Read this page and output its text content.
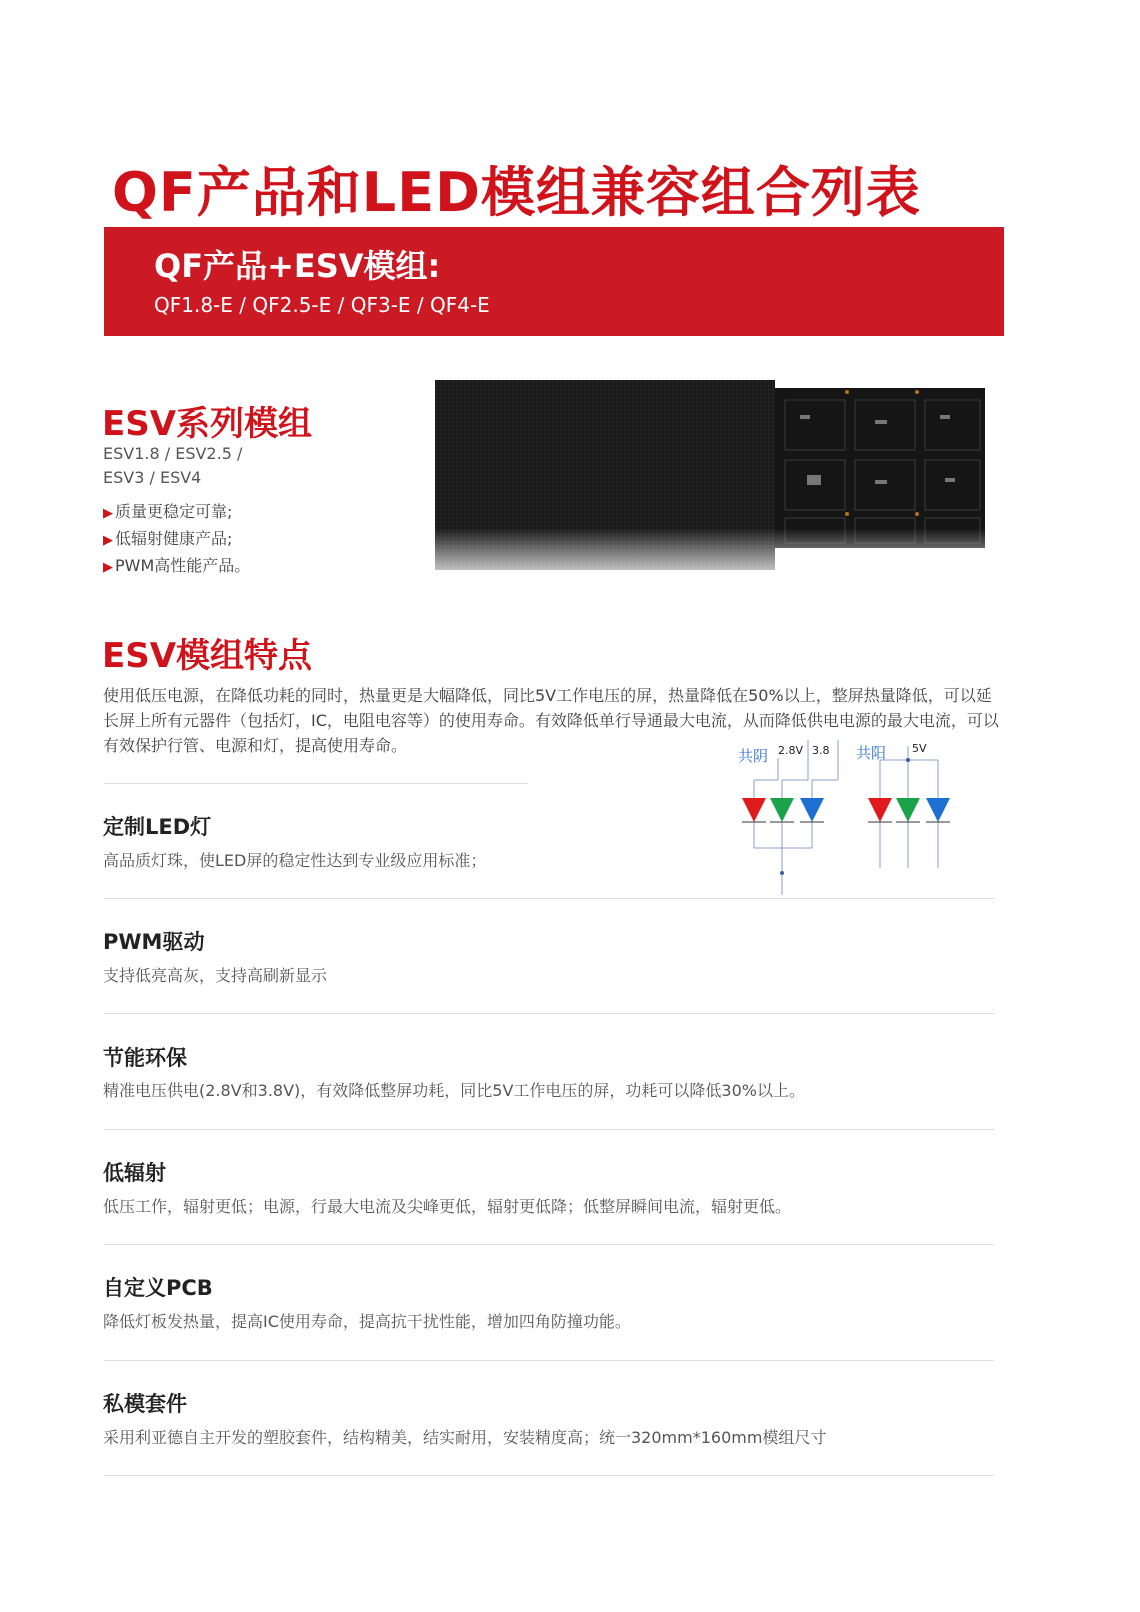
QF产品和LED模组兼容组合列表
QF产品+ESV模组:
QF1.8-E / QF2.5-E / QF3-E / QF4-E
ESV系列模组
ESV1.8 / ESV2.5 /
ESV3 / ESV4
▶ 质量更稳定可靠;
▶ 低辐射健康产品;
▶ PWM高性能产品。
ESV模组特点

使用低压电源，在降低功耗的同时，热量更是大幅降低，同比5V工作电压的屏，热量降低在50%以上，整屏热量降低，可以延长屏上所有元器件（包括灯，IC，电阻电容等）的使用寿命。有效降低单行导通最大电流，从而降低供电电源的最大电流，可以有效保护行管、电源和灯，提高使用寿命。

共阴 2.8V 3.8 共阳 5V
定制LED灯
高品质灯珠，使LED屏的稳定性达到专业级应用标准；
PWM驱动
支持低亮高灰，支持高刷新显示
节能环保
精准电压供电(2.8V和3.8V)，有效降低整屏功耗，同比5V工作电压的屏，功耗可以降低30%以上。
低辐射
低压工作，辐射更低；电源，行最大电流及尖峰更低，辐射更低降；低整屏瞬间电流，辐射更低。
自定义PCB
降低灯板发热量，提高IC使用寿命，提高抗干扰性能，增加四角防撞功能。
私模套件
采用利亚德自主开发的塑胶套件，结构精美，结实耐用，安装精度高；统一320mm*160mm模组尺寸
